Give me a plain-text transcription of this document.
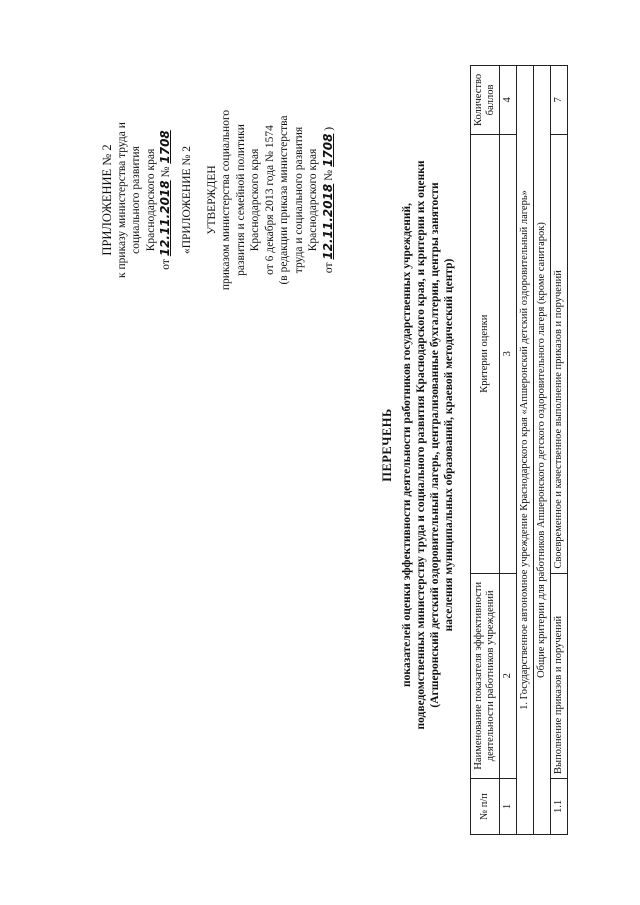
ПРИЛОЖЕНИЕ № 2 к приказу министерства труда и социального развития Краснодарского края
от 12.11.2018 № 1708 «ПРИЛОЖЕНИЕ № 2 УТВЕРЖДЕН приказом министерства социального развития и семейной политики Краснодарского края от 6 декабря 2013 года № 1574 (в редакции приказа министерства труда и социального развития Краснодарского края
от 12.11.2018 № 1708 )
ПЕРЕЧЕНЬ показателей оценки эффективности деятельности работников государственных учреждений, подведомственных министерству труда и социального развития Краснодарского края, и критерии их оценки (Агшеронский детский оздоровительный лагерь, централизованные бухгалтерии, центры занятости населения муниципальных образований, краевой методический центр)
№ п/п	Наименование показателя эффективности деятельности работников учреждений	Критерии оценки	Количество баллов
1	2	3	4
1. Государственное автономное учреждение Краснодарского края «Апшеронский детский оздоровительный лагерь»			
Общие критерии для работников Апшеронского детского оздоровительного лагеря (кроме санитарок)			
1.1	Выполнение приказов и поручений	Своевременное и качественное выполнение приказов и поручений	7
